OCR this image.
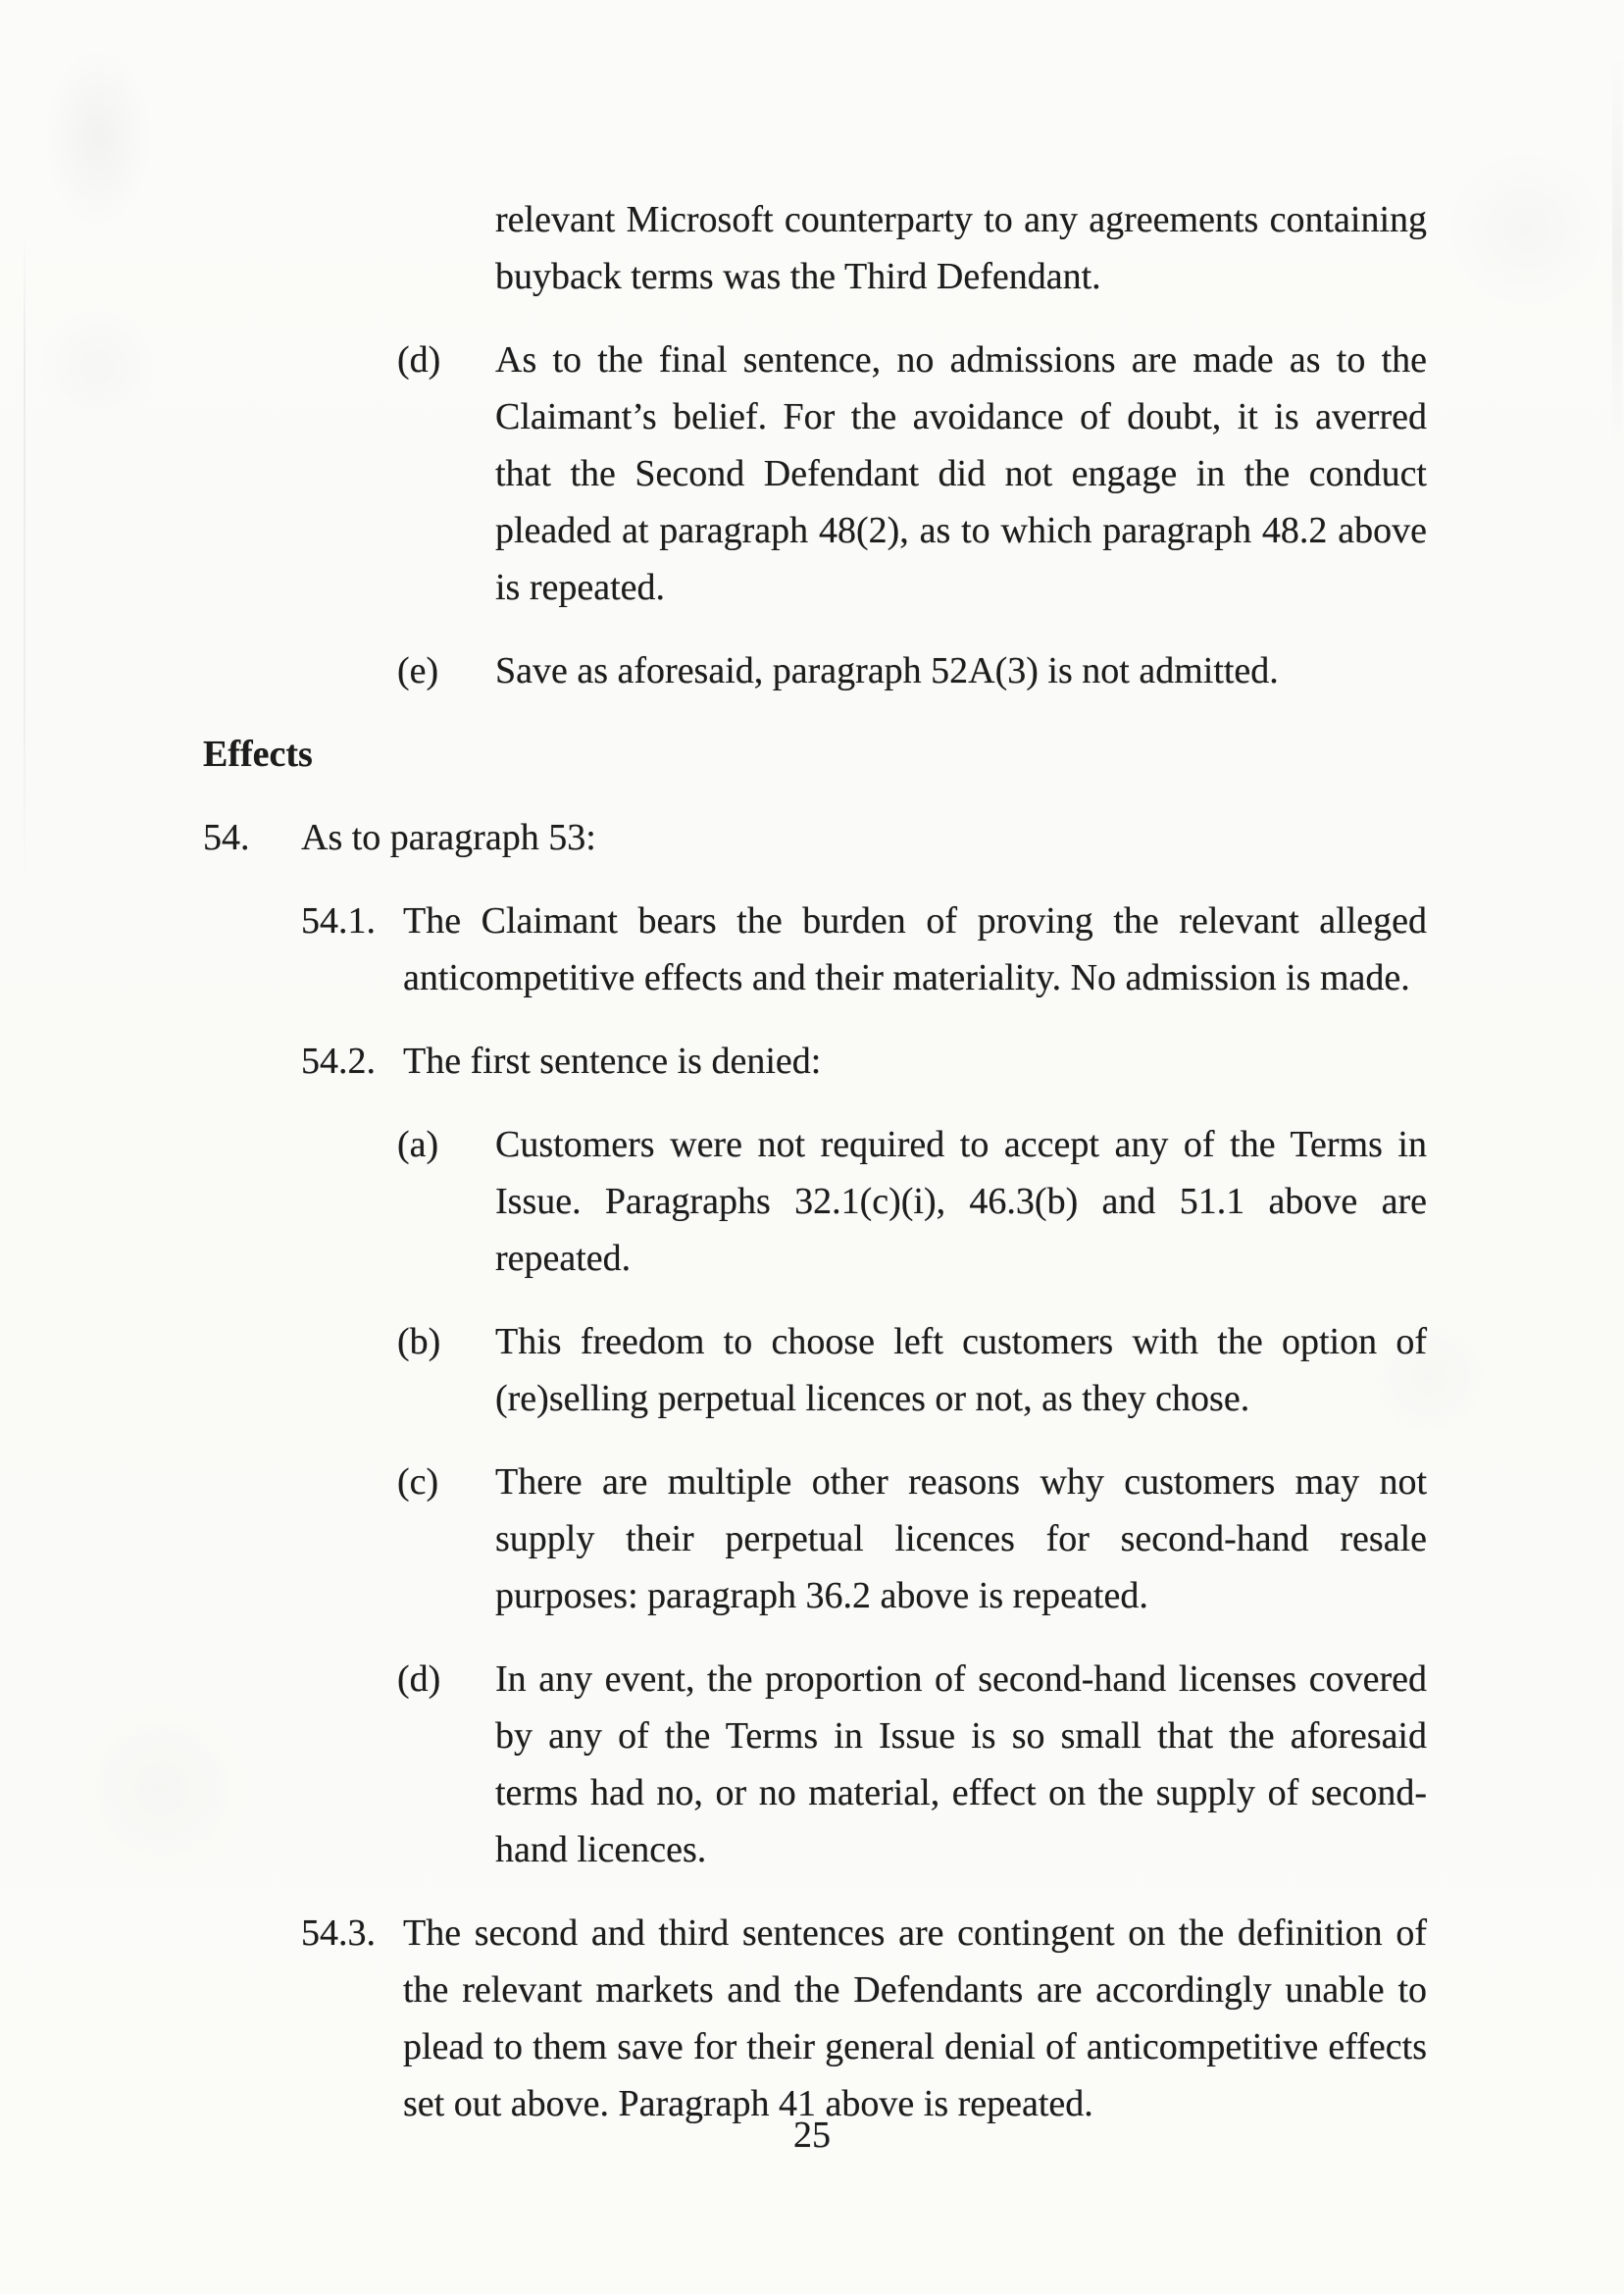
relevant Microsoft counterparty to any agreements containing buyback terms was the Third Defendant.
(d)	As to the final sentence, no admissions are made as to the Claimant’s belief. For the avoidance of doubt, it is averred that the Second Defendant did not engage in the conduct pleaded at paragraph 48(2), as to which paragraph 48.2 above is repeated.
(e)	Save as aforesaid, paragraph 52A(3) is not admitted.
Effects
54.	As to paragraph 53:
54.1. The Claimant bears the burden of proving the relevant alleged anticompetitive effects and their materiality. No admission is made.
54.2. The first sentence is denied:
(a)	Customers were not required to accept any of the Terms in Issue. Paragraphs 32.1(c)(i), 46.3(b) and 51.1 above are repeated.
(b)	This freedom to choose left customers with the option of (re)selling perpetual licences or not, as they chose.
(c)	There are multiple other reasons why customers may not supply their perpetual licences for second-hand resale purposes: paragraph 36.2 above is repeated.
(d)	In any event, the proportion of second-hand licenses covered by any of the Terms in Issue is so small that the aforesaid terms had no, or no material, effect on the supply of second-hand licences.
54.3. The second and third sentences are contingent on the definition of the relevant markets and the Defendants are accordingly unable to plead to them save for their general denial of anticompetitive effects set out above. Paragraph 41 above is repeated.
25
